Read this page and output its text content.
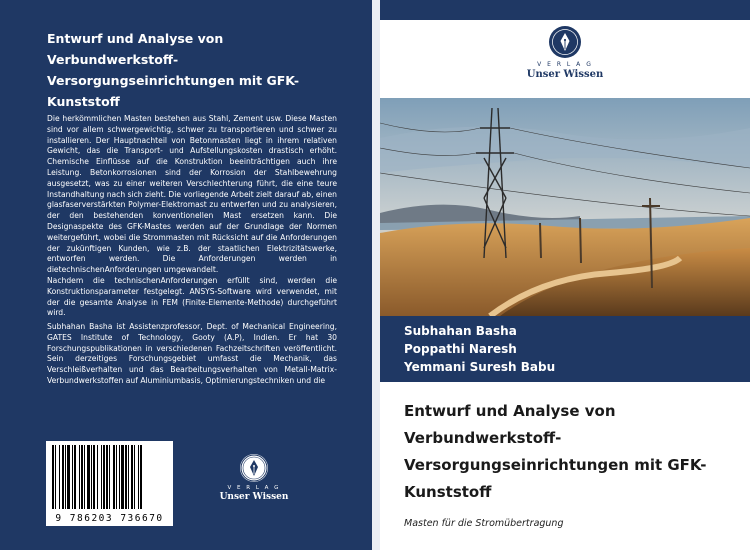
Entwurf und Analyse von Verbundwerkstoff-Versorgungseinrichtungen mit GFK-Kunststoff

Die herkömmlichen Masten bestehen aus Stahl, Zement usw. Diese Masten sind vor allem schwergewichtig, schwer zu transportieren und schwer zu installieren. Der Hauptnachteil von Betonmasten liegt in ihrem relativen Gewicht, das die Transport- und Aufstellungskosten drastisch erhöht. Chemische Einflüsse auf die Konstruktion beeinträchtigen auch ihre Leistung. Betonkorrosionen sind der Korrosion der Stahlbewehrung ausgesetzt, was zu einer weiteren Verschlechterung führt, die eine teure Instandhaltung nach sich zieht. Die vorliegende Arbeit zielt darauf ab, einen glasfaserverstärkten Polymer-Elektromast zu entwerfen und zu analysieren, der den bestehenden konventionellen Mast ersetzen kann. Die Designaspekte des GFK-Mastes werden auf der Grundlage der Normen weitergeführt, wobei die Strommasten mit Rücksicht auf die Anforderungen der zukünftigen Kunden, wie z.B. der staatlichen Elektrizitätswerke, entworfen werden. Die Anforderungen werden in dietechnischenAnforderungen umgewandelt.

Nachdem die technischenAnforderungen erfüllt sind, werden die Konstruktionsparameter festgelegt. ANSYS-Software wird verwendet, mit der die gesamte Analyse in FEM (Finite-Elemente-Methode) durchgeführt wird.

Subhahan Basha ist Assistenzprofessor, Dept. of Mechanical Engineering, GATES Institute of Technology, Gooty (A.P), Indien. Er hat 30 Forschungspublikationen in verschiedenen Fachzeitschriften veröffentlicht. Sein derzeitiges Forschungsgebiet umfasst die Mechanik, das Verschleißverhalten und das Bearbeitungsverhalten von Metall-Matrix-Verbundwerkstoffen auf Aluminiumbasis, Optimierungstechniken und die
9 786203 736670
V E R L A G
Unser Wissen
V E R L A G
Unser Wissen
Subhahan Basha
Poppathi Naresh
Yemmani Suresh Babu
Entwurf und Analyse von Verbundwerkstoff-Versorgungseinrichtungen mit GFK-Kunststoff
Masten für die Stromübertragung
